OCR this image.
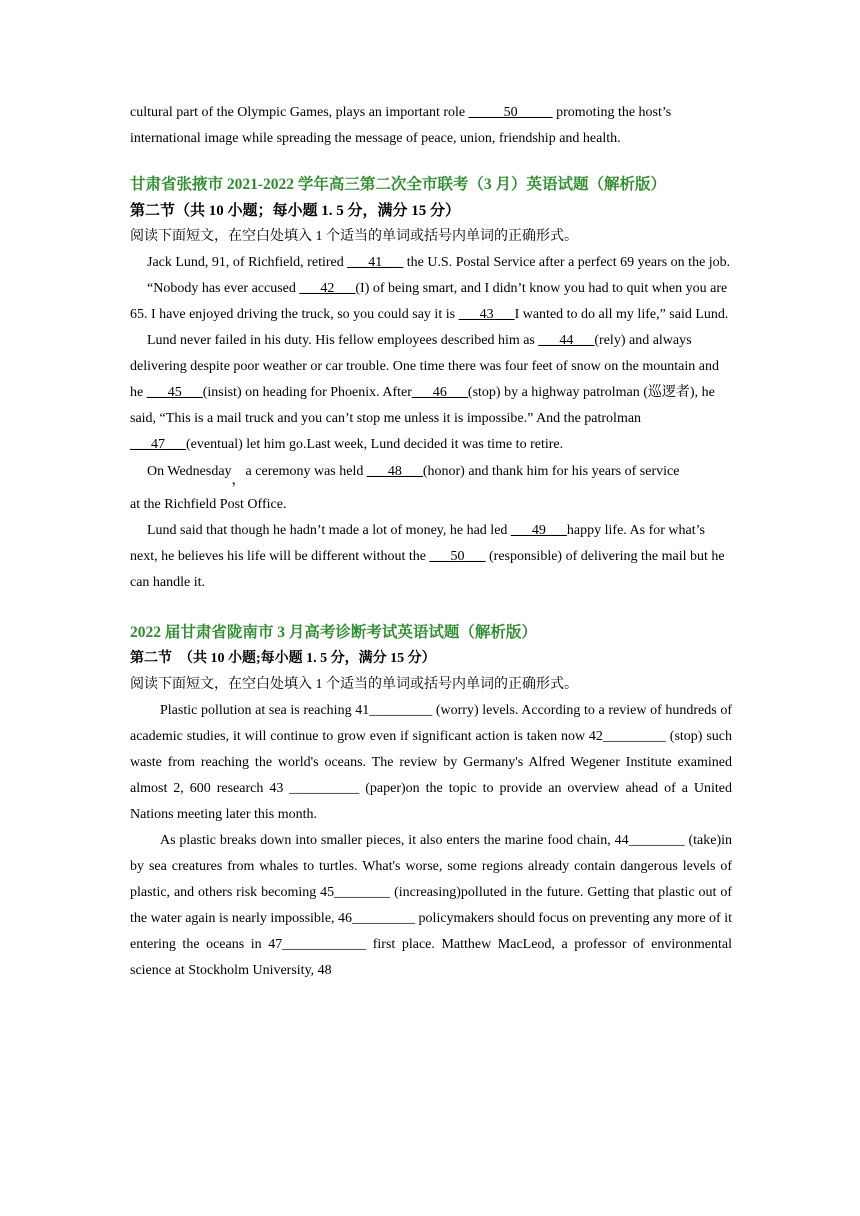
cultural part of the Olympic Games, plays an important role _____50_____ promoting the host’s
international image while spreading the message of peace, union, friendship and health.

甘肃省张掖市 2021-2022 学年高三第二次全市联考（3 月）英语试题（解析版）

第二节（共 10 小题；每小题 1. 5 分，满分 15 分）

阅读下面短文，在空白处填入 1 个适当的单词或括号内单词的正确形式。

Jack Lund, 91, of Richfield, retired ___41___ the U.S. Postal Service after a perfect 69 years on the job.

“Nobody has ever accused ___42___(I) of being smart, and I didn’t know you had to quit when you are 65. I have enjoyed driving the truck, so you could say it is ___43___I wanted to do all my life,” said Lund.

Lund never failed in his duty. His fellow employees described him as ___44___(rely) and always delivering despite poor weather or car trouble. One time there was four feet of snow on the mountain and he ___45___(insist) on heading for Phoenix. After___46___(stop) by a highway patrolman (巡逻者), he said, “This is a mail truck and you can’t stop me unless it is impossibe.” And the patrolman ___47___(eventual) let him go.Last week, Lund decided it was time to retire.

On Wednesday，a ceremony was held ___48___(honor) and thank him for his years of service

at the Richfield Post Office.

Lund said that though he hadn’t made a lot of money, he had led ___49___happy life. As for what’s next, he believes his life will be different without the ___50___ (responsible) of delivering the mail but he can handle it.

2022 届甘肃省陇南市 3 月高考诊断考试英语试题（解析版）

第二节　（共 10 小题;每小题 1. 5 分，满分 15 分）

阅读下面短文，在空白处填入 1 个适当的单词或括号内单词的正确形式。

Plastic pollution at sea is reaching 41_________ (worry) levels. According to a review of hundreds of academic studies, it will continue to grow even if significant action is taken now 42_________ (stop) such waste from reaching the world's oceans. The review by Germany's Alfred Wegener Institute examined almost 2, 600 research 43 __________ (paper)on the topic to provide an overview ahead of a United Nations meeting later this month.

As plastic breaks down into smaller pieces, it also enters the marine food chain, 44________ (take)in by sea creatures from whales to turtles. What's worse, some regions already contain dangerous levels of plastic, and others risk becoming 45________ (increasing)polluted in the future. Getting that plastic out of the water again is nearly impossible, 46_________ policymakers should focus on preventing any more of it entering the oceans in 47____________ first place. Matthew MacLeod, a professor of environmental science at Stockholm University, 48
